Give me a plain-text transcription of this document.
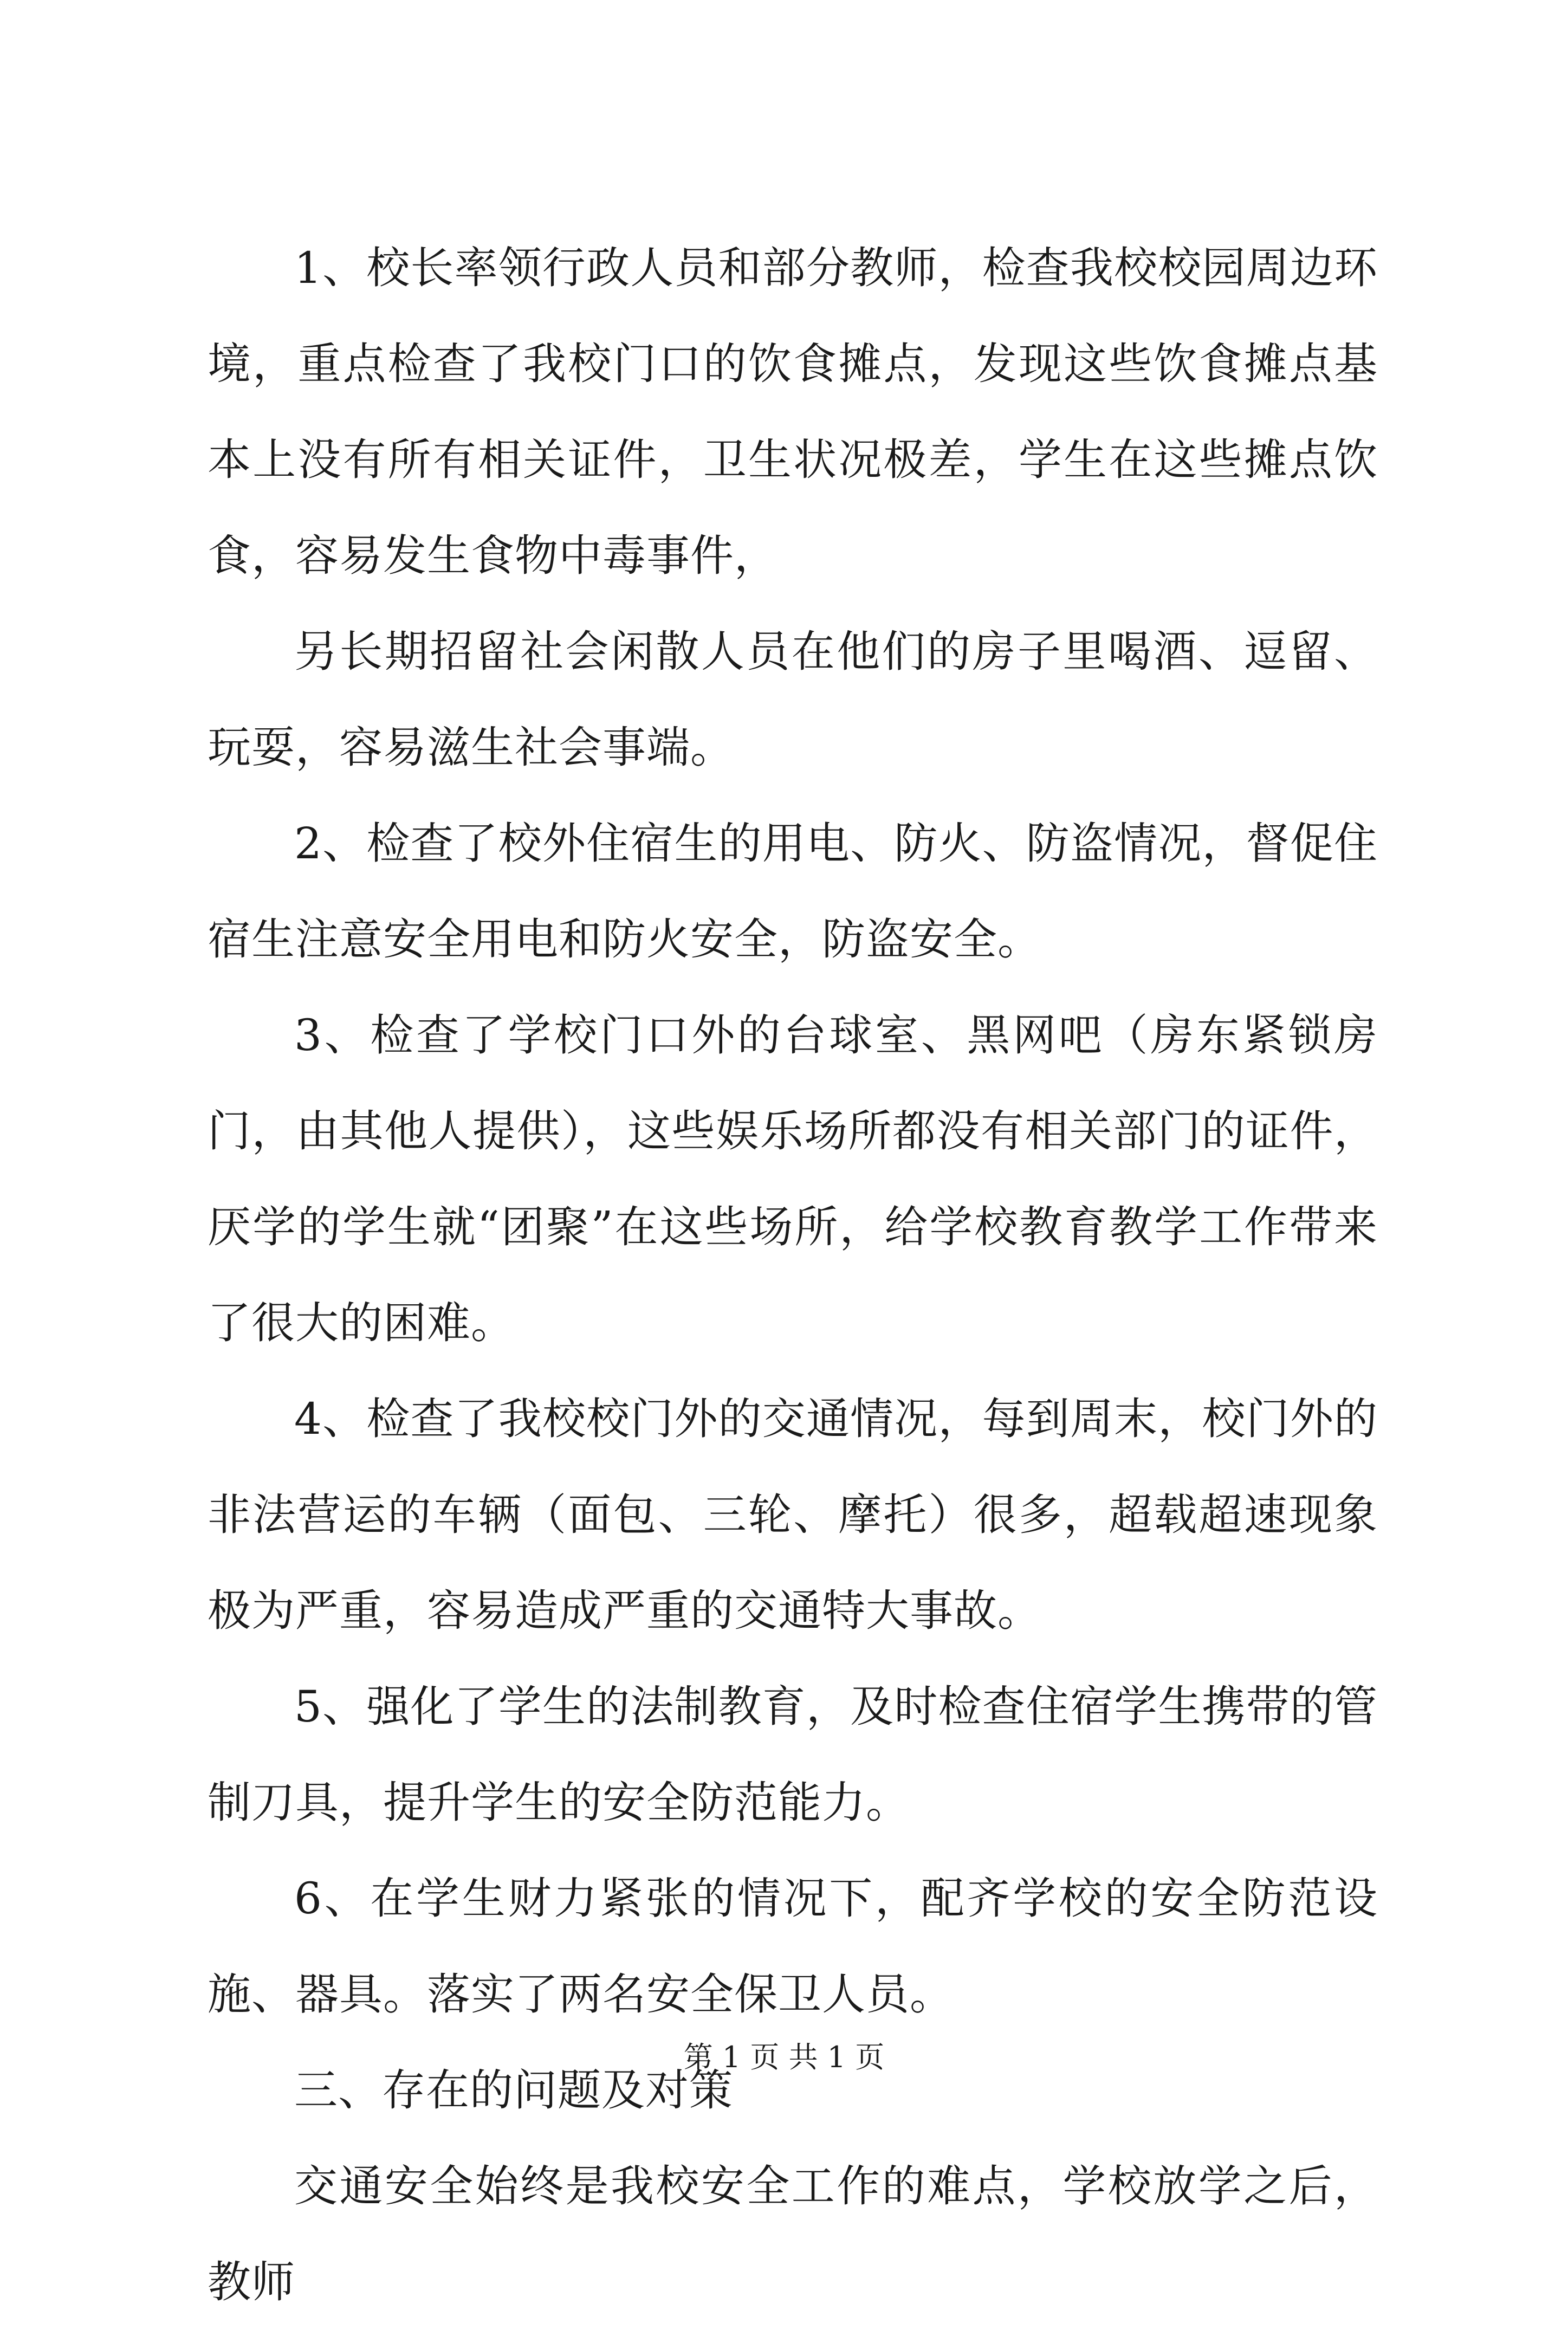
1、校长率领行政人员和部分教师，检查我校校园周边环境，重点检查了我校门口的饮食摊点，发现这些饮食摊点基本上没有所有相关证件，卫生状况极差，学生在这些摊点饮食，容易发生食物中毒事件，

另长期招留社会闲散人员在他们的房子里喝酒、逗留、玩耍，容易滋生社会事端。

2、检查了校外住宿生的用电、防火、防盗情况，督促住宿生注意安全用电和防火安全，防盗安全。

3、检查了学校门口外的台球室、黑网吧（房东紧锁房门，由其他人提供），这些娱乐场所都没有相关部门的证件，厌学的学生就“团聚”在这些场所，给学校教育教学工作带来了很大的困难。

4、检查了我校校门外的交通情况，每到周末，校门外的非法营运的车辆（面包、三轮、摩托）很多，超载超速现象极为严重，容易造成严重的交通特大事故。

5、强化了学生的法制教育，及时检查住宿学生携带的管制刀具，提升学生的安全防范能力。

6、在学生财力紧张的情况下，配齐学校的安全防范设施、器具。落实了两名安全保卫人员。

三、存在的问题及对策

交通安全始终是我校安全工作的难点，学校放学之后，教师

第 1 页 共 1 页
